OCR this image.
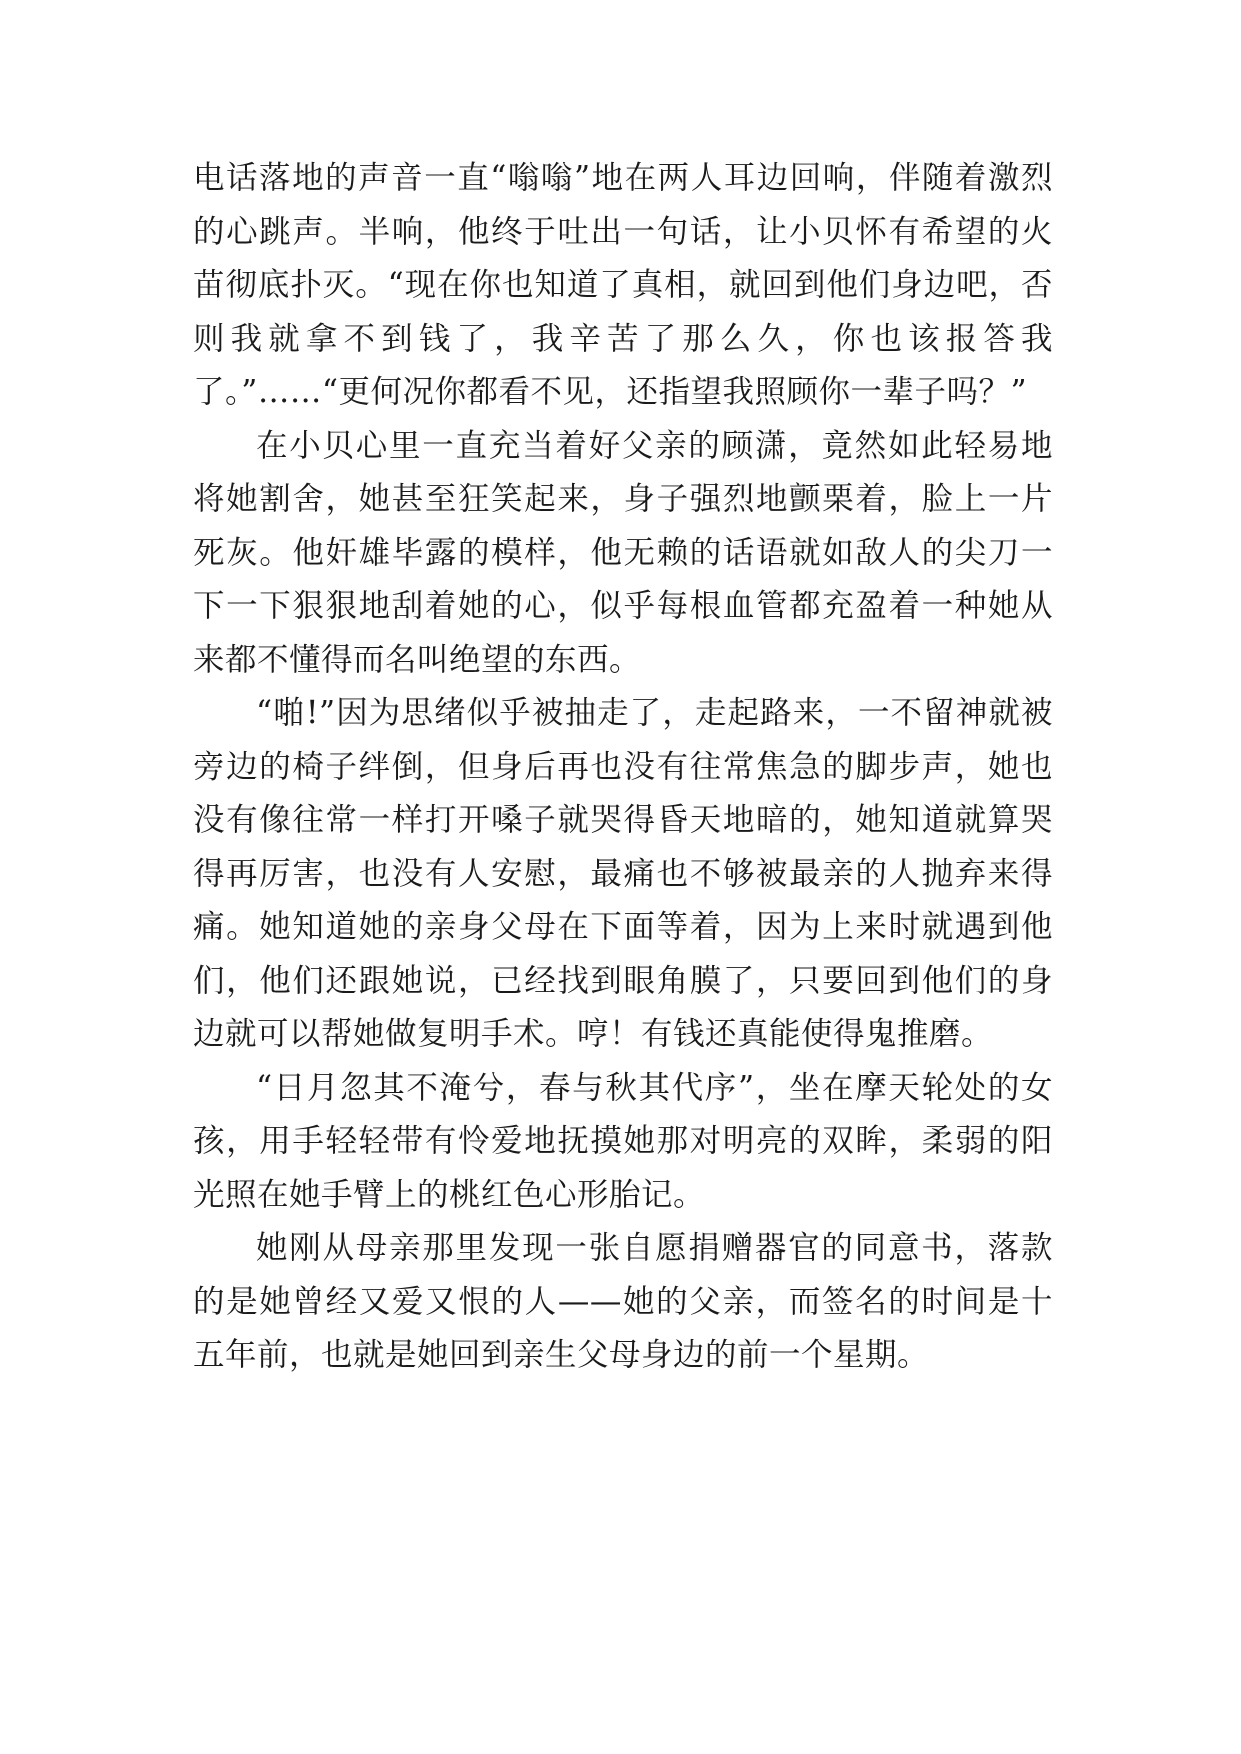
电话落地的声音一直“嗡嗡”地在两人耳边回响，伴随着激烈的心跳声。半响，他终于吐出一句话，让小贝怀有希望的火苗彻底扑灭。“现在你也知道了真相，就回到他们身边吧，否则我就拿不到钱了，我辛苦了那么久，你也该报答我了。”……“更何况你都看不见，还指望我照顾你一辈子吗？”

在小贝心里一直充当着好父亲的顾潇，竟然如此轻易地将她割舍，她甚至狂笑起来，身子强烈地颤栗着，脸上一片死灰。他奸雄毕露的模样，他无赖的话语就如敌人的尖刀一下一下狠狠地刮着她的心，似乎每根血管都充盈着一种她从来都不懂得而名叫绝望的东西。

“啪!”因为思绪似乎被抽走了，走起路来，一不留神就被旁边的椅子绊倒，但身后再也没有往常焦急的脚步声，她也没有像往常一样打开嗓子就哭得昏天地暗的，她知道就算哭得再厉害，也没有人安慰，最痛也不够被最亲的人抛弃来得痛。她知道她的亲身父母在下面等着，因为上来时就遇到他们，他们还跟她说，已经找到眼角膜了，只要回到他们的身边就可以帮她做复明手术。哼！有钱还真能使得鬼推磨。

“日月忽其不淹兮，春与秋其代序”，坐在摩天轮处的女孩，用手轻轻带有怜爱地抚摸她那对明亮的双眸，柔弱的阳光照在她手臂上的桃红色心形胎记。

她刚从母亲那里发现一张自愿捐赠器官的同意书，落款的是她曾经又爱又恨的人——她的父亲，而签名的时间是十五年前，也就是她回到亲生父母身边的前一个星期。
